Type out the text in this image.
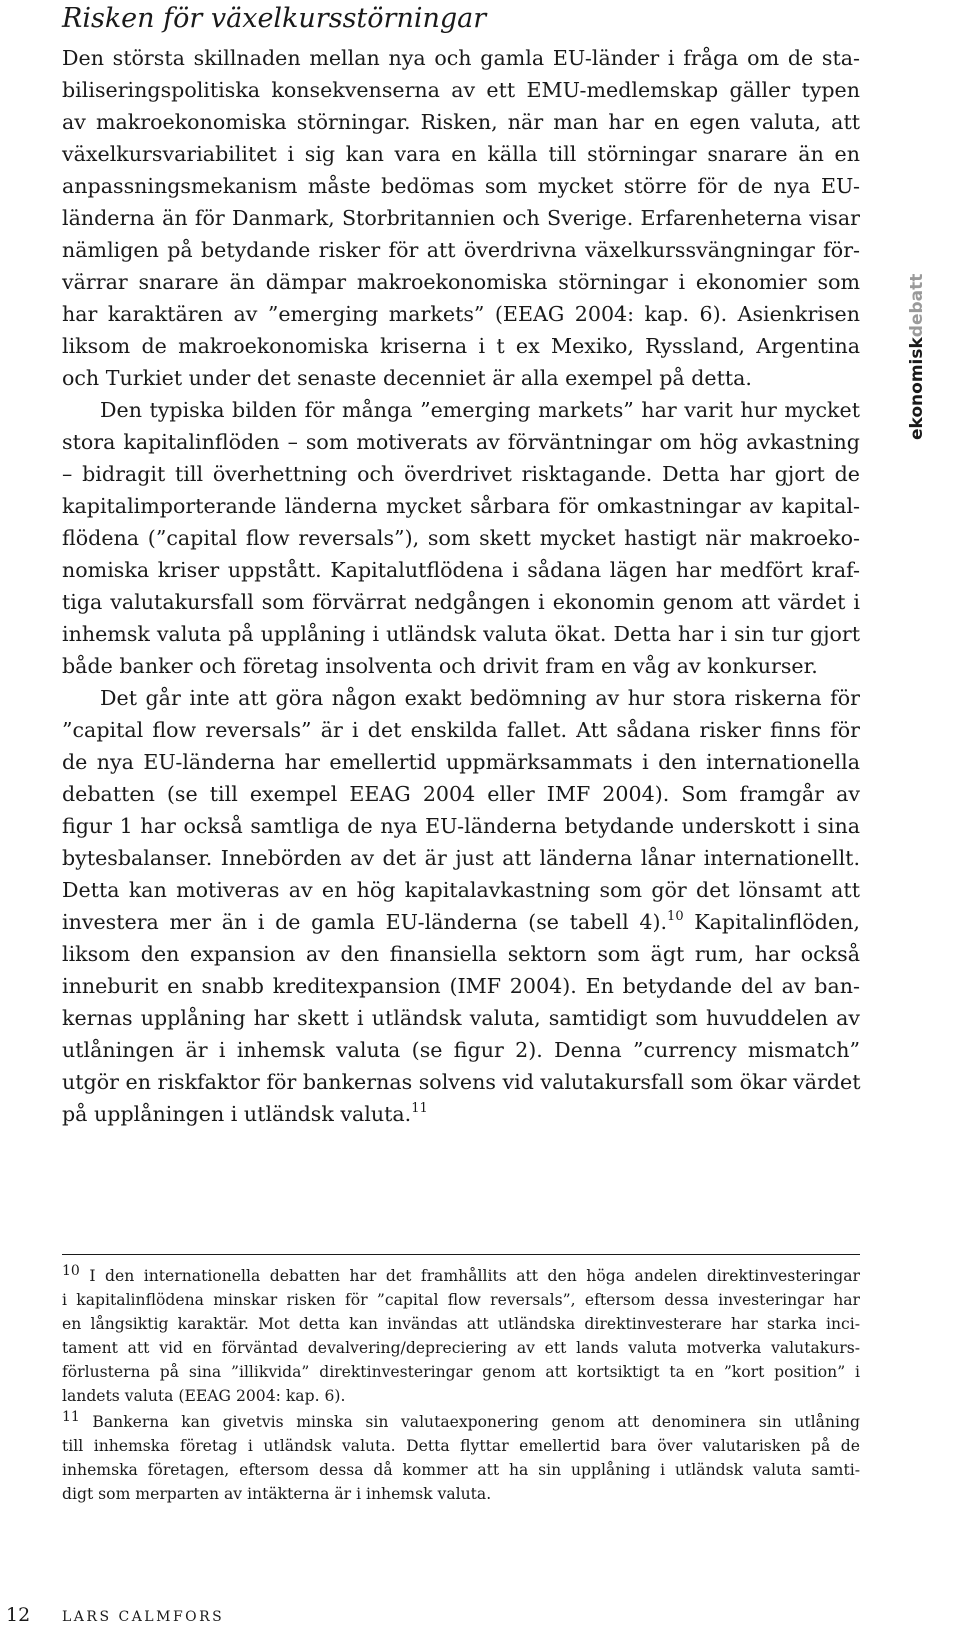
Risken för växelkursstörningar
Den största skillnaden mellan nya och gamla EU-länder i fråga om de sta-
biliseringspolitiska konsekvenserna av ett EMU-medlemskap gäller typen
av makroekonomiska störningar. Risken, när man har en egen valuta, att
växelkursvariabilitet i sig kan vara en källa till störningar snarare än en
anpassningsmekanism måste bedömas som mycket större för de nya EU-
länderna än för Danmark, Storbritannien och Sverige. Erfarenheterna visar
nämligen på betydande risker för att överdrivna växelkurssvängningar för-
värrar snarare än dämpar makroekonomiska störningar i ekonomier som
har karaktären av ”emerging markets” (EEAG 2004: kap. 6). Asienkrisen
liksom de makroekonomiska kriserna i t ex Mexiko, Ryssland, Argentina
och Turkiet under det senaste decenniet är alla exempel på detta.
Den typiska bilden för många ”emerging markets” har varit hur mycket
stora kapitalinflöden – som motiverats av förväntningar om hög avkastning
– bidragit till överhettning och överdrivet risktagande. Detta har gjort de
kapitalimporterande länderna mycket sårbara för omkastningar av kapital-
flödena (”capital flow reversals”), som skett mycket hastigt när makroeko-
nomiska kriser uppstått. Kapitalutflödena i sådana lägen har medfört kraf-
tiga valutakursfall som förvärrat nedgången i ekonomin genom att värdet i
inhemsk valuta på upplåning i utländsk valuta ökat. Detta har i sin tur gjort
både banker och företag insolventa och drivit fram en våg av konkurser.
Det går inte att göra någon exakt bedömning av hur stora riskerna för
”capital flow reversals” är i det enskilda fallet. Att sådana risker finns för
de nya EU-länderna har emellertid uppmärksammats i den internationella
debatten (se till exempel EEAG 2004 eller IMF 2004). Som framgår av
figur 1 har också samtliga de nya EU-länderna betydande underskott i sina
bytesbalanser. Innebörden av det är just att länderna lånar internationellt.
Detta kan motiveras av en hög kapitalavkastning som gör det lönsamt att
investera mer än i de gamla EU-länderna (se tabell 4).$^{10}$ Kapitalinflöden,
liksom den expansion av den finansiella sektorn som ägt rum, har också
inneburit en snabb kreditexpansion (IMF 2004). En betydande del av ban-
kernas upplåning har skett i utländsk valuta, samtidigt som huvuddelen av
utlåningen är i inhemsk valuta (se figur 2). Denna ”currency mismatch”
utgör en riskfaktor för bankernas solvens vid valutakursfall som ökar värdet
på upplåningen i utländsk valuta.$^{11}$
10 I den internationella debatten har det framhållits att den höga andelen direktinvesteringar
i kapitalinflödena minskar risken för ”capital flow reversals”, eftersom dessa investeringar har
en långsiktig karaktär. Mot detta kan invändas att utländska direktinvesterare har starka inci-
tament att vid en förväntad devalvering/depreciering av ett lands valuta motverka valutakurs-
förlusterna på sina ”illikvida” direktinvesteringar genom att kortsiktigt ta en ”kort position” i
landets valuta (EEAG 2004: kap. 6).
11 Bankerna kan givetvis minska sin valutaexponering genom att denominera sin utlåning
till inhemska företag i utländsk valuta. Detta flyttar emellertid bara över valutarisken på de
inhemska företagen, eftersom dessa då kommer att ha sin upplåning i utländsk valuta samti-
digt som merparten av intäkterna är i inhemsk valuta.
ekonomiskdebatt
12 LARS CALMFORS
